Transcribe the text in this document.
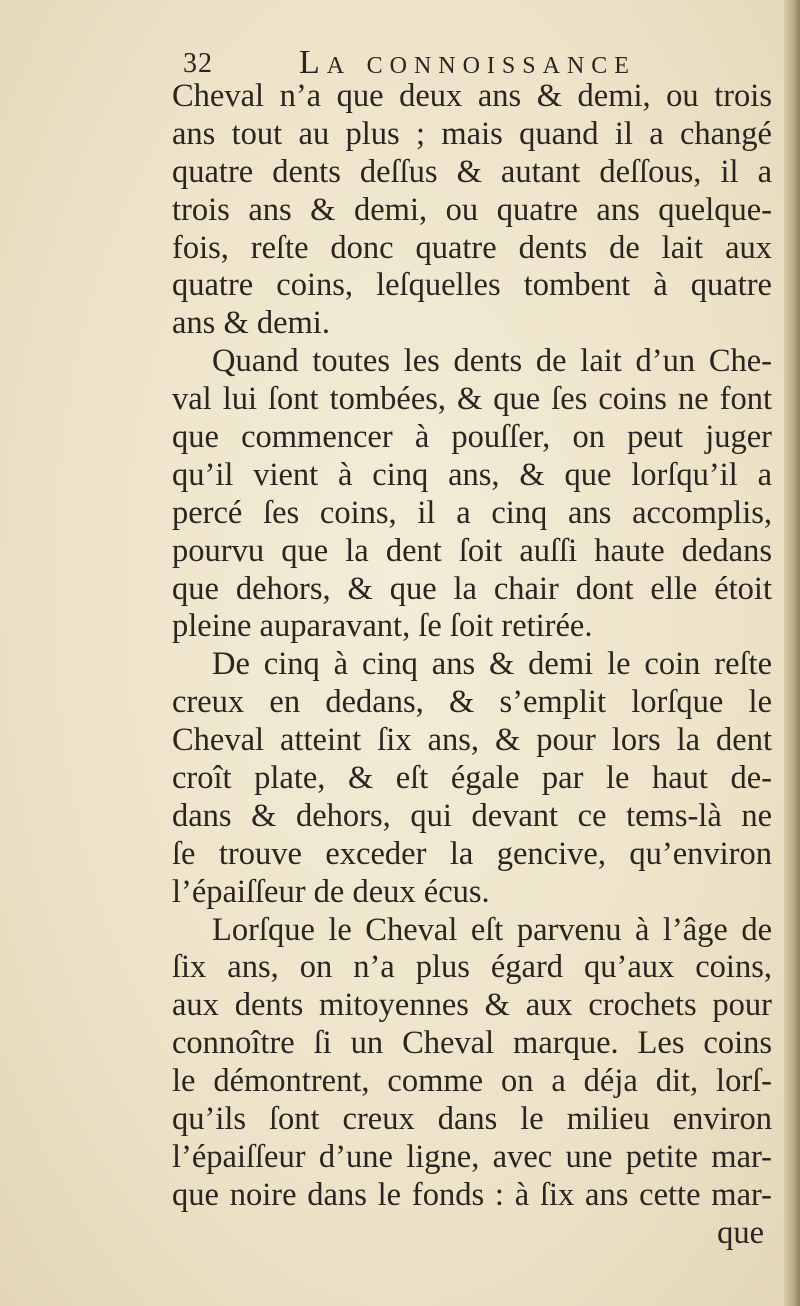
32	La connoissance
Cheval n’a que deux ans & demi, ou trois
ans tout au plus ; mais quand il a changé
quatre dents deſſus & autant deſſous, il a
trois ans & demi, ou quatre ans quelque-
fois, reſte donc quatre dents de lait aux
quatre coins, leſquelles tombent à quatre
ans & demi.
Quand toutes les dents de lait d’un Che-
val lui ſont tombées, & que ſes coins ne font
que commencer à pouſſer, on peut juger
qu’il vient à cinq ans, & que lorſqu’il a
percé ſes coins, il a cinq ans accomplis,
pourvu que la dent ſoit auſſi haute dedans
que dehors, & que la chair dont elle étoit
pleine auparavant, ſe ſoit retirée.
De cinq à cinq ans & demi le coin reſte
creux en dedans, & s’emplit lorſque le
Cheval atteint ſix ans, & pour lors la dent
croît plate, & eſt égale par le haut de-
dans & dehors, qui devant ce tems-là ne
ſe trouve exceder la gencive, qu’environ
l’épaiſſeur de deux écus.
Lorſque le Cheval eſt parvenu à l’âge de
ſix ans, on n’a plus égard qu’aux coins,
aux dents mitoyennes & aux crochets pour
connoître ſi un Cheval marque. Les coins
le démontrent, comme on a déja dit, lorſ-
qu’ils ſont creux dans le milieu environ
l’épaiſſeur d’une ligne, avec une petite mar-
que noire dans le fonds : à ſix ans cette mar-
que
